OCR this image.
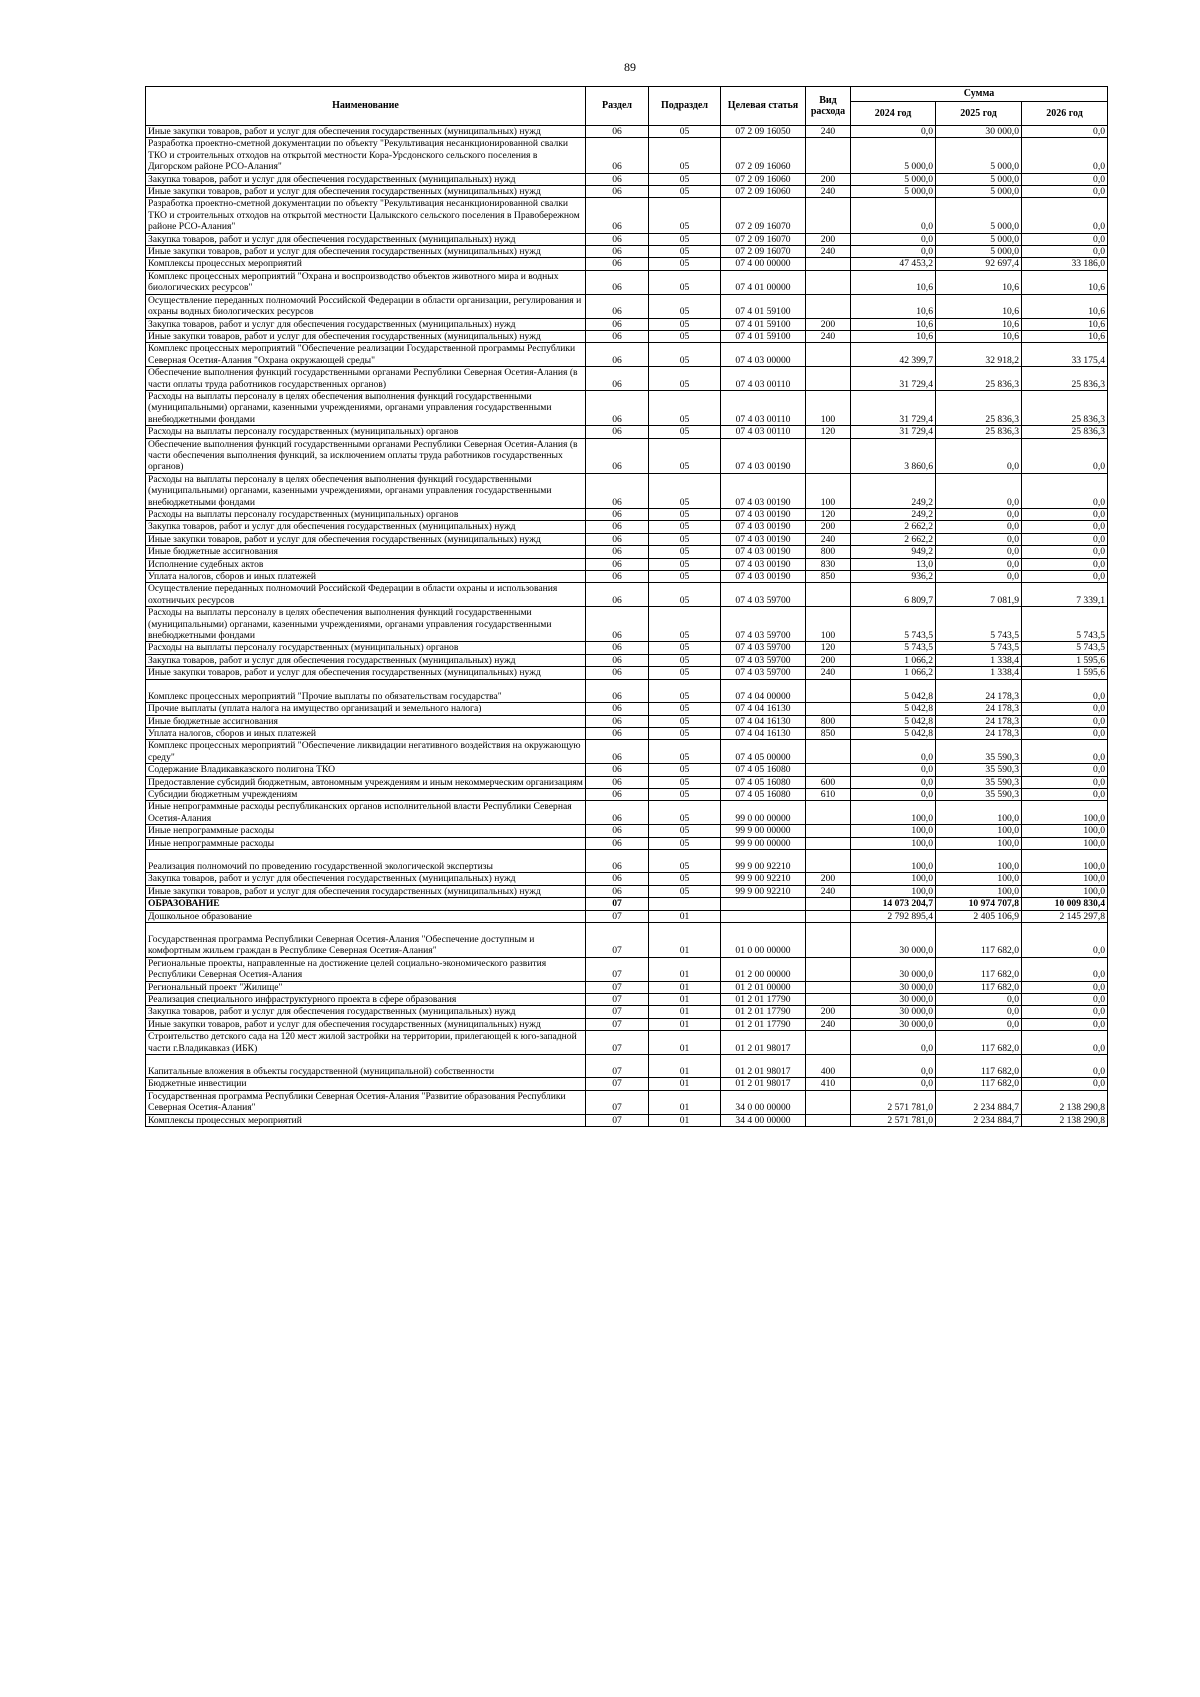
89
Наименование	Раздел	Подраздел	Целевая статья	Вид расхода	Сумма		
					2024 год	2025 год	2026 год
Иные закупки товаров, работ и услуг для обеспечения государственных (муниципальных) нужд	06	05	07 2 09 16050	240	0,0	30 000,0	0,0
Разработка проектно-сметной документации по объекту "Рекультивация несанкционированной свалки ТКО и строительных отходов на открытой местности Кора-Урсдонского сельского поселения в Дигорском районе РСО-Алания"	06	05	07 2 09 16060		5 000,0	5 000,0	0,0
Закупка товаров, работ и услуг для обеспечения государственных (муниципальных) нужд	06	05	07 2 09 16060	200	5 000,0	5 000,0	0,0
Иные закупки товаров, работ и услуг для обеспечения государственных (муниципальных) нужд	06	05	07 2 09 16060	240	5 000,0	5 000,0	0,0
Разработка проектно-сметной документации по объекту "Рекультивация несанкционированной свалки ТКО и строительных отходов на открытой местности Цалыкского сельского поселения в Правобережном районе РСО-Алания"	06	05	07 2 09 16070		0,0	5 000,0	0,0
Закупка товаров, работ и услуг для обеспечения государственных (муниципальных) нужд	06	05	07 2 09 16070	200	0,0	5 000,0	0,0
Иные закупки товаров, работ и услуг для обеспечения государственных (муниципальных) нужд	06	05	07 2 09 16070	240	0,0	5 000,0	0,0
Комплексы процессных мероприятий	06	05	07 4 00 00000		47 453,2	92 697,4	33 186,0
Комплекс процессных мероприятий "Охрана и воспроизводство объектов животного мира и водных биологических ресурсов"	06	05	07 4 01 00000		10,6	10,6	10,6
Осуществление переданных полномочий Российской Федерации в области организации, регулирования и охраны водных биологических ресурсов	06	05	07 4 01 59100		10,6	10,6	10,6
Закупка товаров, работ и услуг для обеспечения государственных (муниципальных) нужд	06	05	07 4 01 59100	200	10,6	10,6	10,6
Иные закупки товаров, работ и услуг для обеспечения государственных (муниципальных) нужд	06	05	07 4 01 59100	240	10,6	10,6	10,6
Комплекс процессных мероприятий "Обеспечение реализации Государственной программы Республики Северная Осетия-Алания "Охрана окружающей среды"	06	05	07 4 03 00000		42 399,7	32 918,2	33 175,4
Обеспечение выполнения функций государственными органами Республики Северная Осетия-Алания (в части оплаты труда работников государственных органов)	06	05	07 4 03 00110		31 729,4	25 836,3	25 836,3
Расходы на выплаты персоналу в целях обеспечения выполнения функций государственными (муниципальными) органами, казенными учреждениями, органами управления государственными внебюджетными фондами	06	05	07 4 03 00110	100	31 729,4	25 836,3	25 836,3
Расходы на выплаты персоналу государственных (муниципальных) органов	06	05	07 4 03 00110	120	31 729,4	25 836,3	25 836,3
Обеспечение выполнения функций государственными органами Республики Северная Осетия-Алания (в части обеспечения выполнения функций, за исключением оплаты труда работников государственных органов)	06	05	07 4 03 00190		3 860,6	0,0	0,0
Расходы на выплаты персоналу в целях обеспечения выполнения функций государственными (муниципальными) органами, казенными учреждениями, органами управления государственными внебюджетными фондами	06	05	07 4 03 00190	100	249,2	0,0	0,0
Расходы на выплаты персоналу государственных (муниципальных) органов	06	05	07 4 03 00190	120	249,2	0,0	0,0
Закупка товаров, работ и услуг для обеспечения государственных (муниципальных) нужд	06	05	07 4 03 00190	200	2 662,2	0,0	0,0
Иные закупки товаров, работ и услуг для обеспечения государственных (муниципальных) нужд	06	05	07 4 03 00190	240	2 662,2	0,0	0,0
Иные бюджетные ассигнования	06	05	07 4 03 00190	800	949,2	0,0	0,0
Исполнение судебных актов	06	05	07 4 03 00190	830	13,0	0,0	0,0
Уплата налогов, сборов и иных платежей	06	05	07 4 03 00190	850	936,2	0,0	0,0
Осуществление переданных полномочий Российской Федерации в области охраны и использования охотничьих ресурсов	06	05	07 4 03 59700		6 809,7	7 081,9	7 339,1
Расходы на выплаты персоналу в целях обеспечения выполнения функций государственными (муниципальными) органами, казенными учреждениями, органами управления государственными внебюджетными фондами	06	05	07 4 03 59700	100	5 743,5	5 743,5	5 743,5
Расходы на выплаты персоналу государственных (муниципальных) органов	06	05	07 4 03 59700	120	5 743,5	5 743,5	5 743,5
Закупка товаров, работ и услуг для обеспечения государственных (муниципальных) нужд	06	05	07 4 03 59700	200	1 066,2	1 338,4	1 595,6
Иные закупки товаров, работ и услуг для обеспечения государственных (муниципальных) нужд	06	05	07 4 03 59700	240	1 066,2	1 338,4	1 595,6
Комплекс процессных мероприятий "Прочие выплаты по обязательствам государства"	06	05	07 4 04 00000		5 042,8	24 178,3	0,0
Прочие выплаты (уплата налога на имущество организаций и земельного налога)	06	05	07 4 04 16130		5 042,8	24 178,3	0,0
Иные бюджетные ассигнования	06	05	07 4 04 16130	800	5 042,8	24 178,3	0,0
Уплата налогов, сборов и иных платежей	06	05	07 4 04 16130	850	5 042,8	24 178,3	0,0
Комплекс процессных мероприятий "Обеспечение ликвидации негативного воздействия на окружающую среду"	06	05	07 4 05 00000		0,0	35 590,3	0,0
Содержание Владикавказского полигона ТКО	06	05	07 4 05 16080		0,0	35 590,3	0,0
Предоставление субсидий бюджетным, автономным учреждениям и иным некоммерческим организациям	06	05	07 4 05 16080	600	0,0	35 590,3	0,0
Субсидии бюджетным учреждениям	06	05	07 4 05 16080	610	0,0	35 590,3	0,0
Иные непрограммные расходы республиканских органов исполнительной власти Республики Северная Осетия-Алания	06	05	99 0 00 00000		100,0	100,0	100,0
Иные непрограммные расходы	06	05	99 9 00 00000		100,0	100,0	100,0
Иные непрограммные расходы	06	05	99 9 00 00000		100,0	100,0	100,0
Реализация полномочий по проведению государственной экологической экспертизы	06	05	99 9 00 92210		100,0	100,0	100,0
Закупка товаров, работ и услуг для обеспечения государственных (муниципальных) нужд	06	05	99 9 00 92210	200	100,0	100,0	100,0
Иные закупки товаров, работ и услуг для обеспечения государственных (муниципальных) нужд	06	05	99 9 00 92210	240	100,0	100,0	100,0
ОБРАЗОВАНИЕ	07				14 073 204,7	10 974 707,8	10 009 830,4
Дошкольное образование	07	01			2 792 895,4	2 405 106,9	2 145 297,8
Государственная программа Республики Северная Осетия-Алания "Обеспечение доступным и комфортным жильем граждан в Республике Северная Осетия-Алания"	07	01	01 0 00 00000		30 000,0	117 682,0	0,0
Региональные проекты, направленные на достижение целей социально-экономического развития Республики Северная Осетия-Алания	07	01	01 2 00 00000		30 000,0	117 682,0	0,0
Региональный проект "Жилище"	07	01	01 2 01 00000		30 000,0	117 682,0	0,0
Реализация специального инфраструктурного проекта в сфере образования	07	01	01 2 01 17790		30 000,0	0,0	0,0
Закупка товаров, работ и услуг для обеспечения государственных (муниципальных) нужд	07	01	01 2 01 17790	200	30 000,0	0,0	0,0
Иные закупки товаров, работ и услуг для обеспечения государственных (муниципальных) нужд	07	01	01 2 01 17790	240	30 000,0	0,0	0,0
Строительство детского сада на 120 мест жилой застройки на территории, прилегающей к юго-западной части г.Владикавказ (ИБК)	07	01	01 2 01 98017		0,0	117 682,0	0,0
Капитальные вложения в объекты государственной (муниципальной) собственности	07	01	01 2 01 98017	400	0,0	117 682,0	0,0
Бюджетные инвестиции	07	01	01 2 01 98017	410	0,0	117 682,0	0,0
Государственная программа Республики Северная Осетия-Алания "Развитие образования Республики Северная Осетия-Алания"	07	01	34 0 00 00000		2 571 781,0	2 234 884,7	2 138 290,8
Комплексы процессных мероприятий	07	01	34 4 00 00000		2 571 781,0	2 234 884,7	2 138 290,8
